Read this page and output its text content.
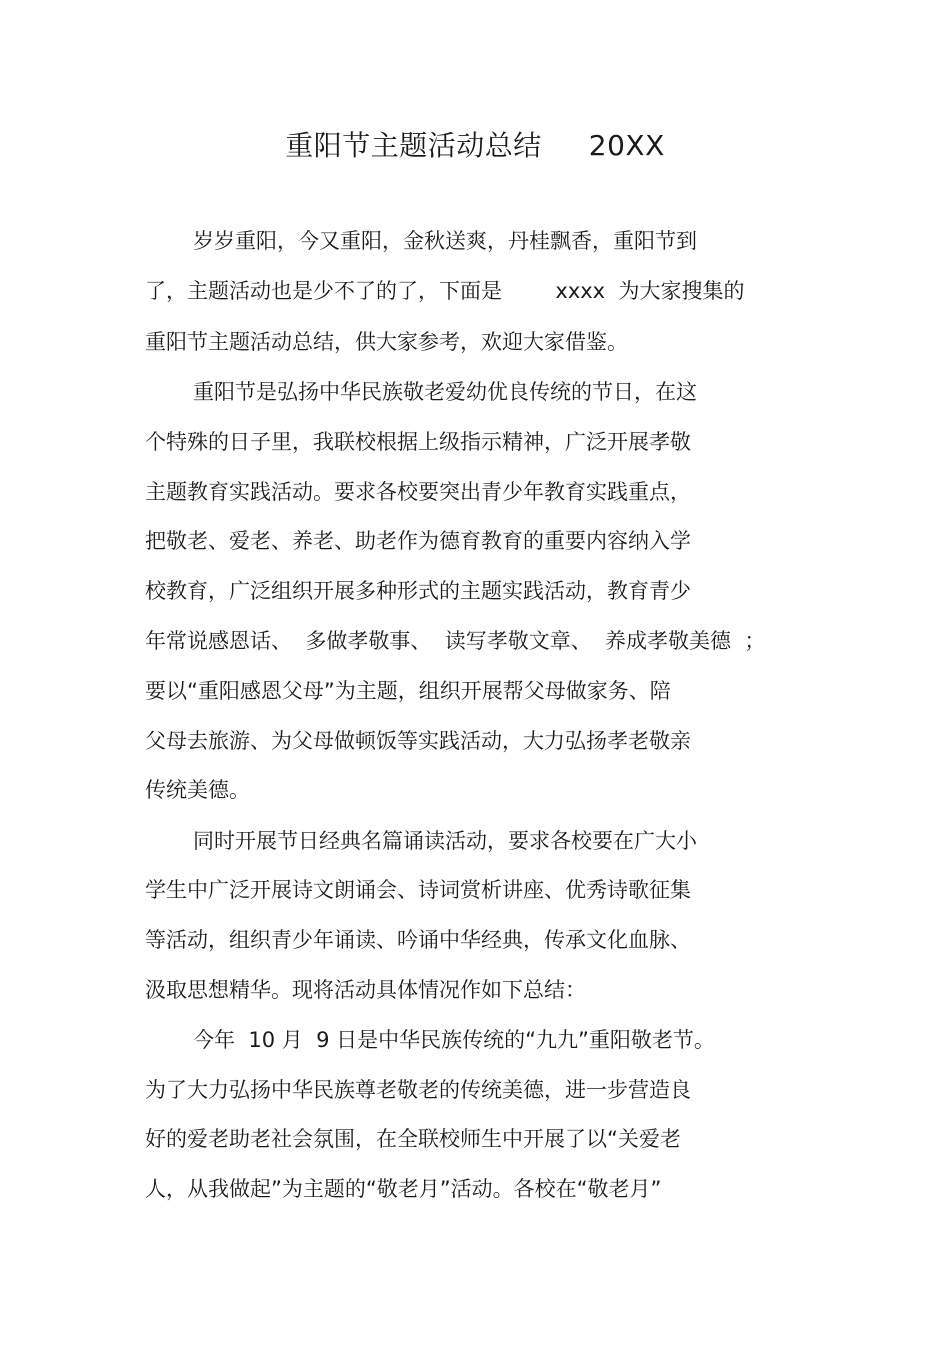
重阳节主题活动总结     20XX
岁岁重阳，今又重阳，金秋送爽，丹桂飘香，重阳节到
了，主题活动也是少不了的了，下面是        xxxx  为大家搜集的
重阳节主题活动总结，供大家参考，欢迎大家借鉴。
重阳节是弘扬中华民族敬老爱幼优良传统的节日，在这
个特殊的日子里，我联校根据上级指示精神，广泛开展孝敬
主题教育实践活动。要求各校要突出青少年教育实践重点，
把敬老、爱老、养老、助老作为德育教育的重要内容纳入学
校教育，广泛组织开展多种形式的主题实践活动，教育青少
年常说感恩话、  多做孝敬事、  读写孝敬文章、  养成孝敬美德  ；
要以“重阳感恩父母”为主题，组织开展帮父母做家务、陪
父母去旅游、为父母做顿饭等实践活动，大力弘扬孝老敬亲
传统美德。
同时开展节日经典名篇诵读活动，要求各校要在广大小
学生中广泛开展诗文朗诵会、诗词赏析讲座、优秀诗歌征集
等活动，组织青少年诵读、吟诵中华经典，传承文化血脉、
汲取思想精华。现将活动具体情况作如下总结：
今年  10 月  9 日是中华民族传统的“九九”重阳敬老节。
为了大力弘扬中华民族尊老敬老的传统美德，进一步营造良
好的爱老助老社会氛围，在全联校师生中开展了以“关爱老
人，从我做起”为主题的“敬老月”活动。各校在“敬老月”
